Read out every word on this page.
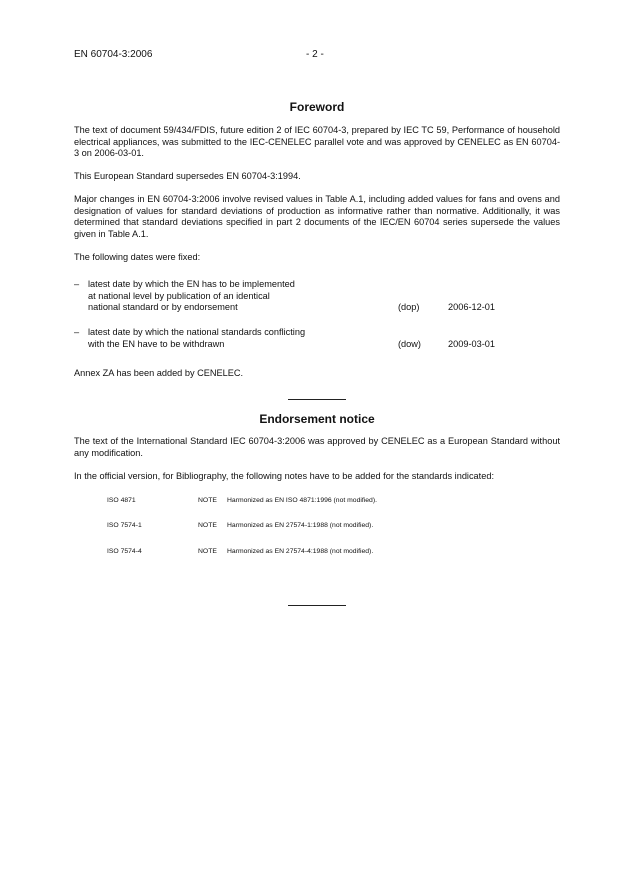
EN 60704-3:2006	- 2 -
Foreword

The text of document 59/434/FDIS, future edition 2 of IEC 60704-3, prepared by IEC TC 59, Performance of household electrical appliances, was submitted to the IEC-CENELEC parallel vote and was approved by CENELEC as EN 60704-3 on 2006-03-01.

This European Standard supersedes EN 60704-3:1994.

Major changes in EN 60704-3:2006 involve revised values in Table A.1, including added values for fans and ovens and designation of values for standard deviations of production as informative rather than normative. Additionally, it was determined that standard deviations specified in part 2 documents of the IEC/EN 60704 series supersede the values given in Table A.1.

The following dates were fixed:

– latest date by which the EN has to be implemented
at national level by publication of an identical
national standard or by endorsement	(dop)	2006-12-01
– latest date by which the national standards conflicting
with the EN have to be withdrawn	(dow)	2009-03-01

Annex ZA has been added by CENELEC.

Endorsement notice

The text of the International Standard IEC 60704-3:2006 was approved by CENELEC as a European Standard without any modification.

In the official version, for Bibliography, the following notes have to be added for the standards indicated:

ISO 4871	NOTE Harmonized as EN ISO 4871:1996 (not modified).
ISO 7574-1	NOTE Harmonized as EN 27574-1:1988 (not modified).
ISO 7574-4	NOTE Harmonized as EN 27574-4:1988 (not modified).
